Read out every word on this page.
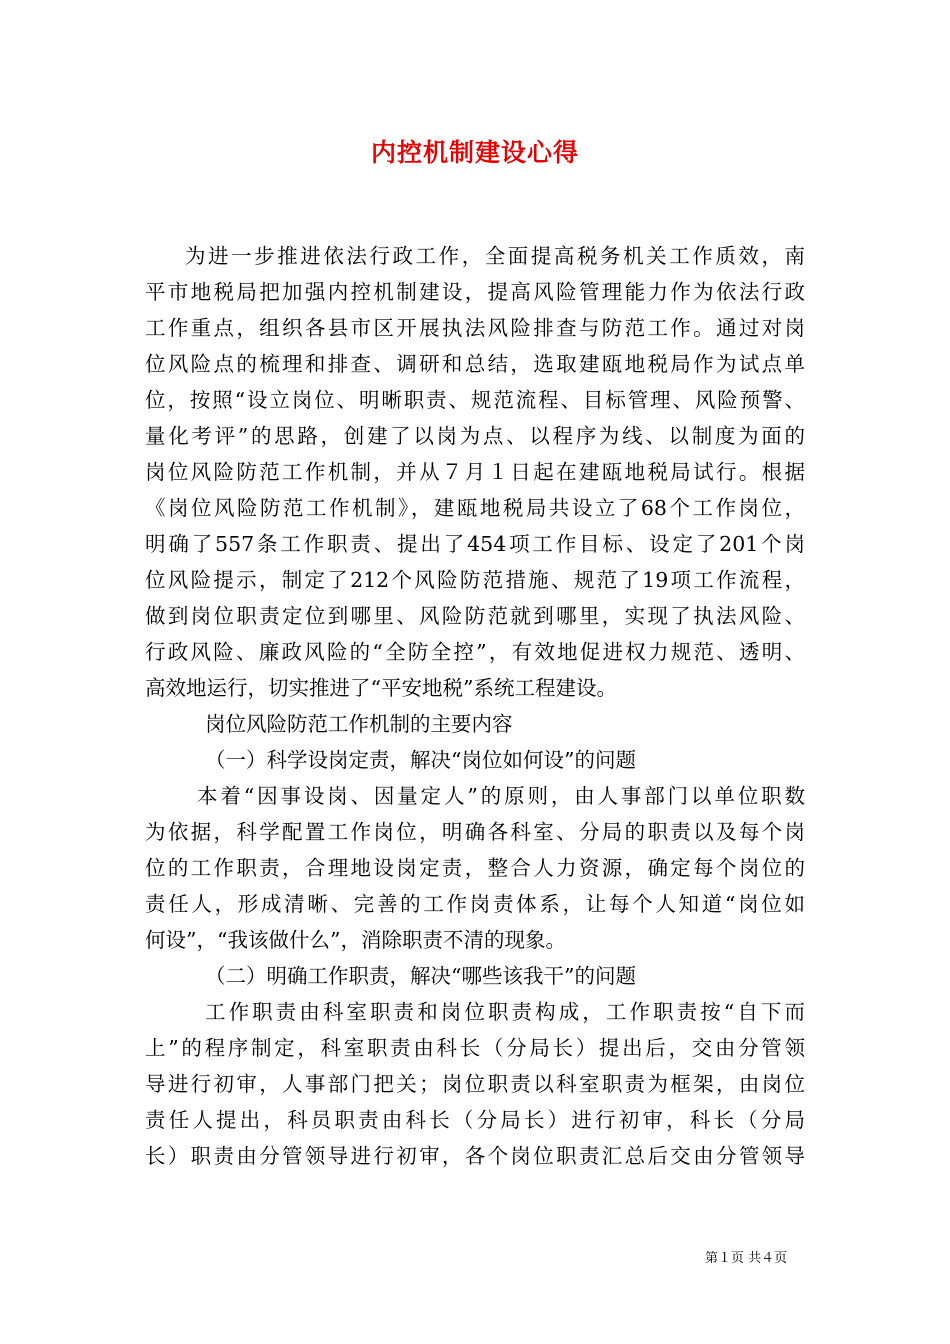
内控机制建设心得
为进一步推进依法行政工作，全面提高税务机关工作质效，南
平市地税局把加强内控机制建设，提高风险管理能力作为依法行政
工作重点，组织各县市区开展执法风险排查与防范工作。通过对岗
位风险点的梳理和排查、调研和总结，选取建瓯地税局作为试点单
位，按照“设立岗位、明晰职责、规范流程、目标管理、风险预警、
量化考评”的思路，创建了以岗为点、以程序为线、以制度为面的
岗位风险防范工作机制，并从７月１日起在建瓯地税局试行。根据
《岗位风险防范工作机制》，建瓯地税局共设立了68个工作岗位，
明确了557条工作职责、提出了454项工作目标、设定了201个岗
位风险提示，制定了212个风险防范措施、规范了19项工作流程，
做到岗位职责定位到哪里、风险防范就到哪里，实现了执法风险、
行政风险、廉政风险的“全防全控”，有效地促进权力规范、透明、
高效地运行，切实推进了“平安地税”系统工程建设。
岗位风险防范工作机制的主要内容
（一）科学设岗定责，解决“岗位如何设”的问题
本着“因事设岗、因量定人”的原则，由人事部门以单位职数
为依据，科学配置工作岗位，明确各科室、分局的职责以及每个岗
位的工作职责，合理地设岗定责，整合人力资源，确定每个岗位的
责任人，形成清晰、完善的工作岗责体系，让每个人知道“岗位如
何设”，“我该做什么”，消除职责不清的现象。
（二）明确工作职责，解决“哪些该我干”的问题
工作职责由科室职责和岗位职责构成，工作职责按“自下而
上”的程序制定，科室职责由科长（分局长）提出后，交由分管领
导进行初审，人事部门把关；岗位职责以科室职责为框架，由岗位
责任人提出，科员职责由科长（分局长）进行初审，科长（分局
长）职责由分管领导进行初审，各个岗位职责汇总后交由分管领导
第１页 共４页
